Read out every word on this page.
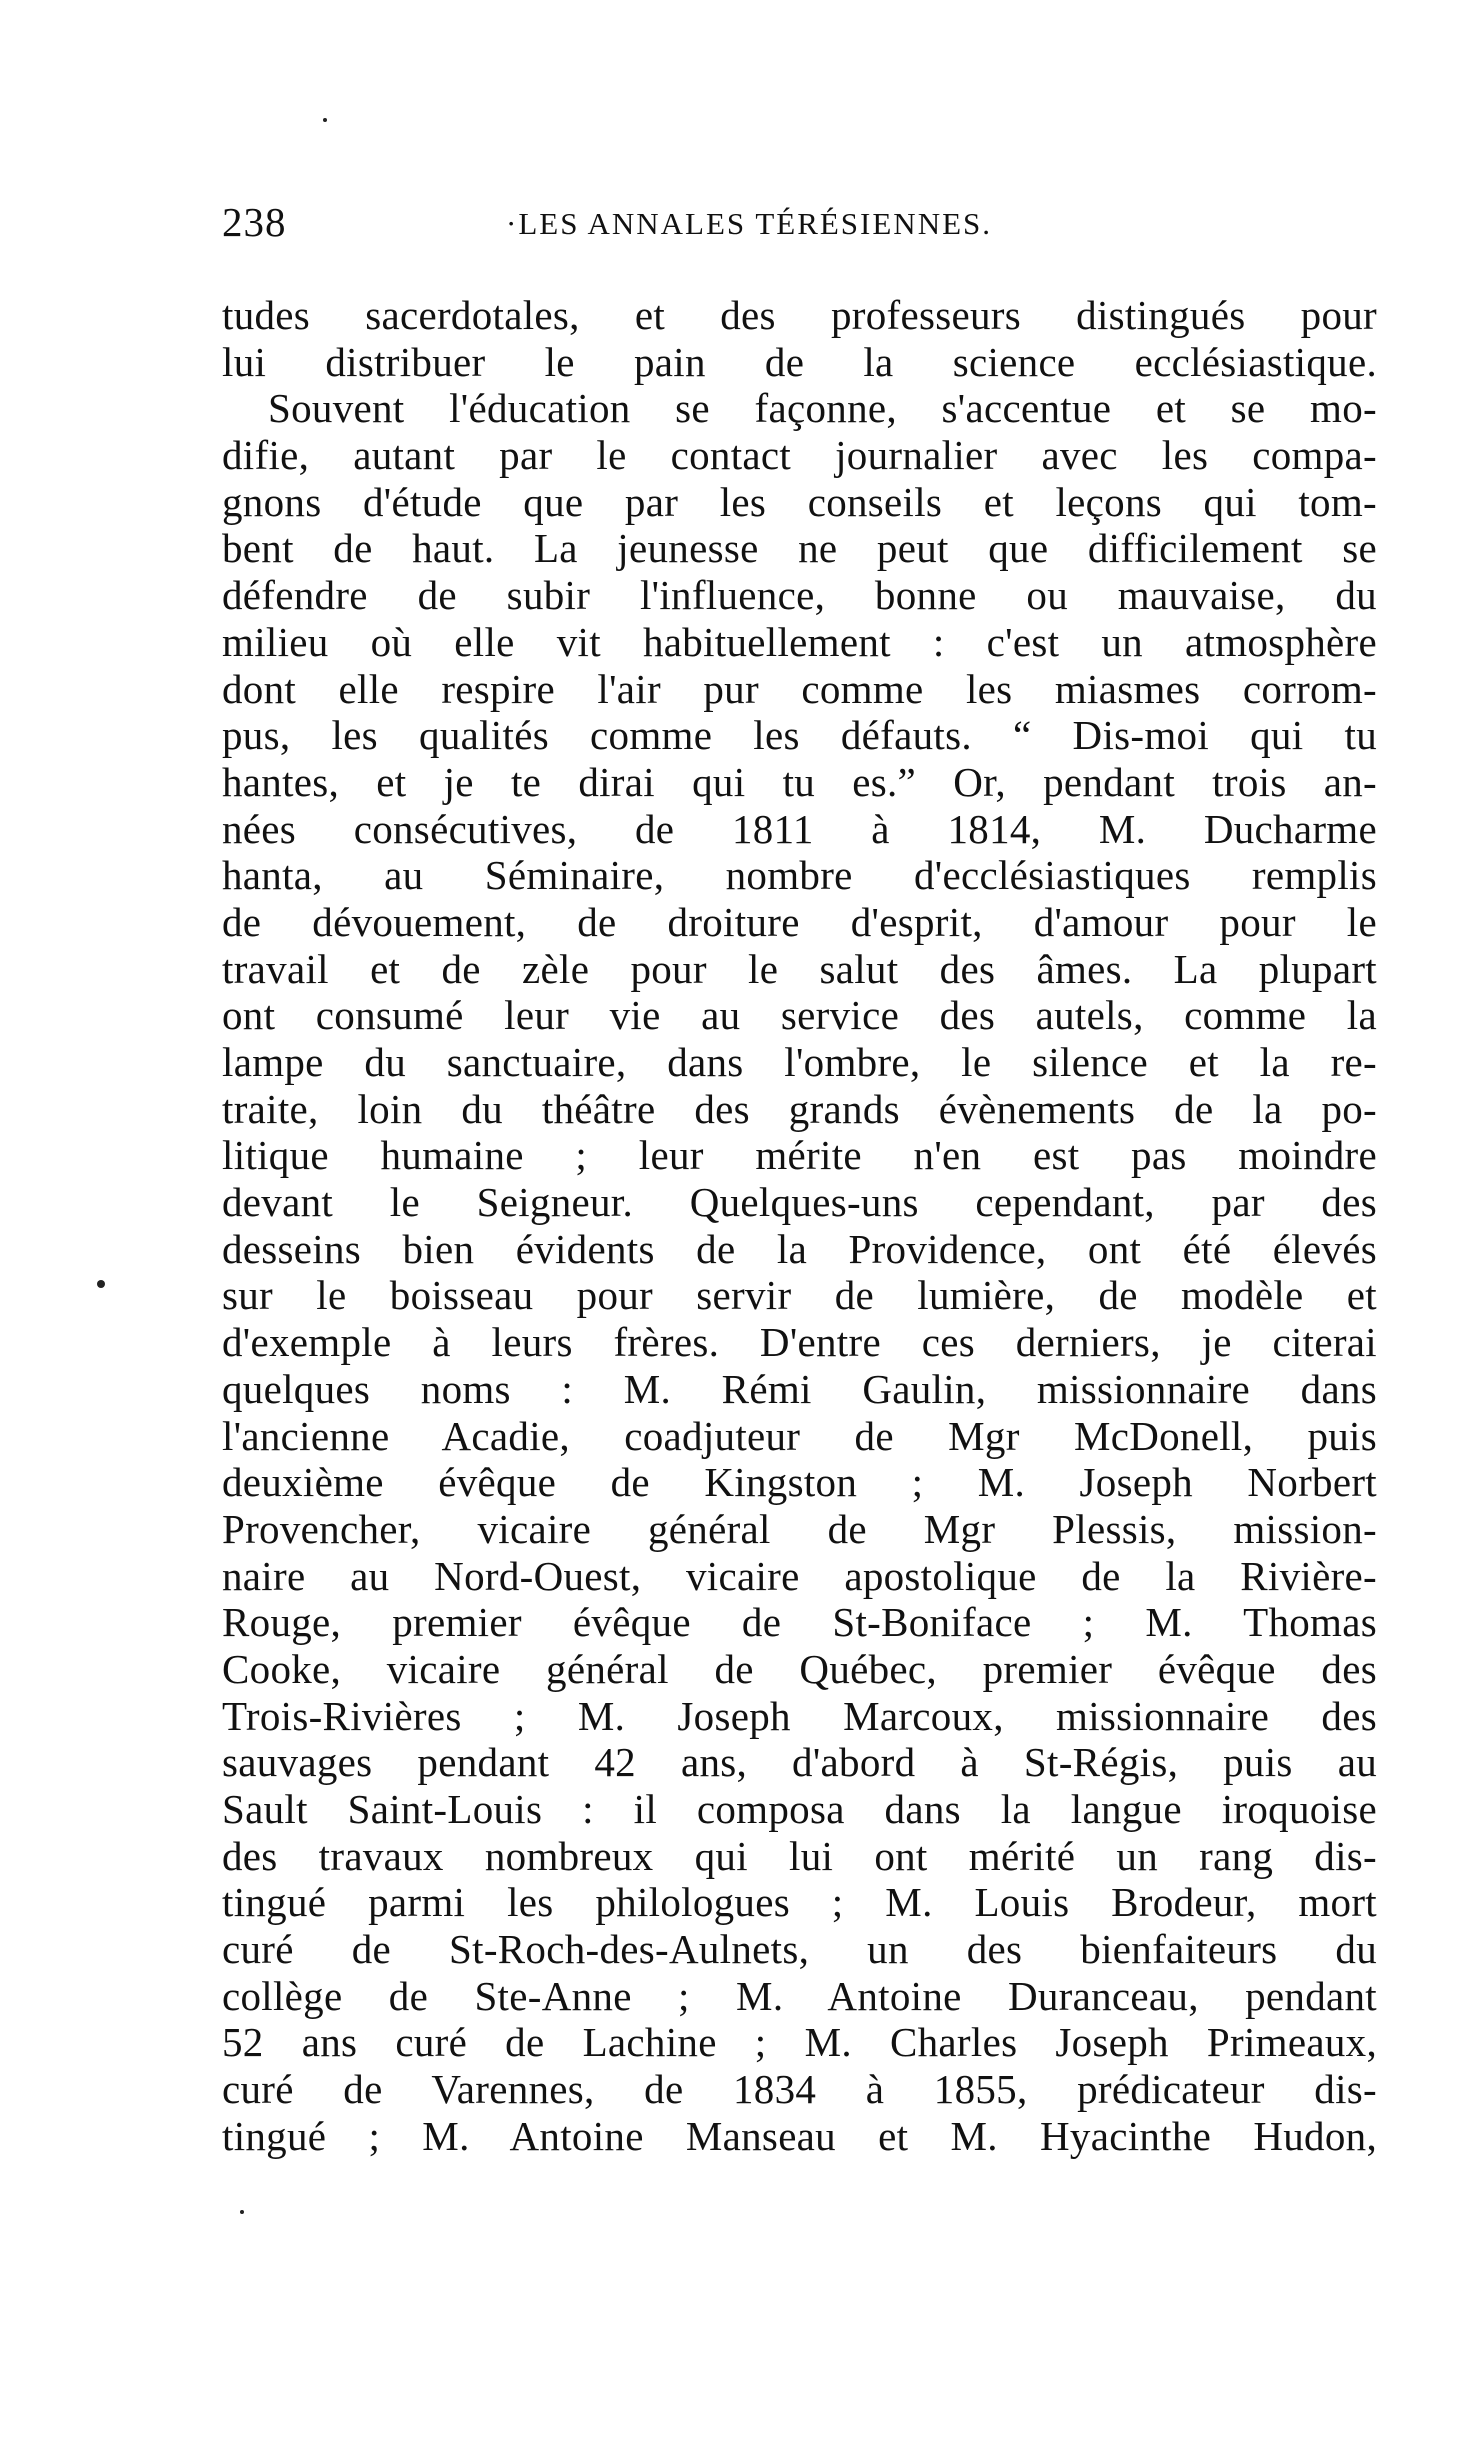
238	·LES ANNALES TÉRÉSIENNES.
tudes sacerdotales, et des professeurs distingués pour
lui distribuer le pain de la science ecclésiastique.
Souvent l'éducation se façonne, s'accentue et se mo-
difie, autant par le contact journalier avec les compa-
gnons d'étude que par les conseils et leçons qui tom-
bent de haut. La jeunesse ne peut que difficilement se
défendre de subir l'influence, bonne ou mauvaise, du
milieu où elle vit habituellement : c'est un atmosphère
dont elle respire l'air pur comme les miasmes corrom-
pus, les qualités comme les défauts. “ Dis-moi qui tu
hantes, et je te dirai qui tu es.” Or, pendant trois an-
nées consécutives, de 1811 à 1814, M. Ducharme
hanta, au Séminaire, nombre d'ecclésiastiques remplis
de dévouement, de droiture d'esprit, d'amour pour le
travail et de zèle pour le salut des âmes. La plupart
ont consumé leur vie au service des autels, comme la
lampe du sanctuaire, dans l'ombre, le silence et la re-
traite, loin du théâtre des grands évènements de la po-
litique humaine ; leur mérite n'en est pas moindre
devant le Seigneur. Quelques-uns cependant, par des
desseins bien évidents de la Providence, ont été élevés
sur le boisseau pour servir de lumière, de modèle et
d'exemple à leurs frères. D'entre ces derniers, je citerai
quelques noms : M. Rémi Gaulin, missionnaire dans
l'ancienne Acadie, coadjuteur de Mgr McDonell, puis
deuxième évêque de Kingston ; M. Joseph Norbert
Provencher, vicaire général de Mgr Plessis, mission-
naire au Nord-Ouest, vicaire apostolique de la Rivière-
Rouge, premier évêque de St-Boniface ; M. Thomas
Cooke, vicaire général de Québec, premier évêque des
Trois-Rivières ; M. Joseph Marcoux, missionnaire des
sauvages pendant 42 ans, d'abord à St-Régis, puis au
Sault Saint-Louis : il composa dans la langue iroquoise
des travaux nombreux qui lui ont mérité un rang dis-
tingué parmi les philologues ; M. Louis Brodeur, mort
curé de St-Roch-des-Aulnets, un des bienfaiteurs du
collège de Ste-Anne ; M. Antoine Duranceau, pendant
52 ans curé de Lachine ; M. Charles Joseph Primeaux,
curé de Varennes, de 1834 à 1855, prédicateur dis-
tingué ; M. Antoine Manseau et M. Hyacinthe Hudon,
